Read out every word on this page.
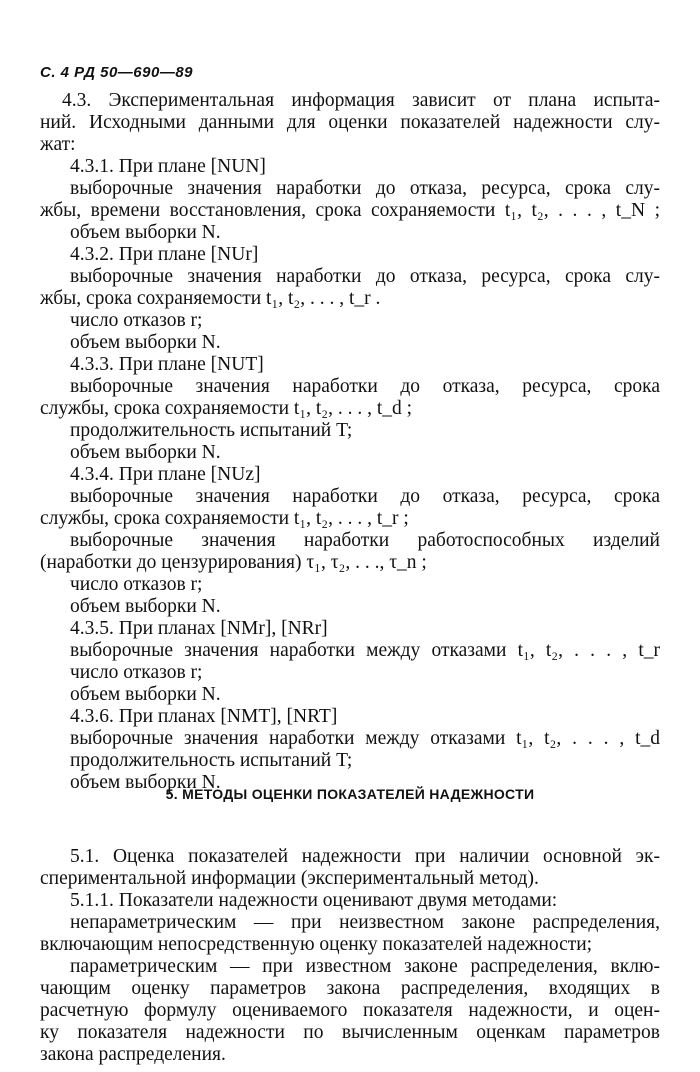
С. 4 РД 50—690—89
4.3. Экспериментальная информация зависит от плана испыта-
ний. Исходными данными для оценки показателей надежности слу-
жат:
4.3.1. При плане [NUN]
выборочные значения наработки до отказа, ресурса, срока слу-
жбы, времени восстановления, срока сохраняемости t₁, t₂, . . . , t_N ;
объем выборки N.
4.3.2. При плане [NUr]
выборочные значения наработки до отказа, ресурса, срока слу-
жбы, срока сохраняемости t₁, t₂, . . . , t_r .
число отказов r;
объем выборки N.
4.3.3. При плане [NUT]
выборочные значения наработки до отказа, ресурса, срока
службы, срока сохраняемости t₁, t₂, . . . , t_d ;
продолжительность испытаний T;
объем выборки N.
4.3.4. При плане [NUz]
выборочные значения наработки до отказа, ресурса, срока
службы, срока сохраняемости t₁, t₂, . . . , t_r ;
выборочные значения наработки работоспособных изделий
(наработки до цензурирования) τ₁, τ₂, . . ., τ_n ;
число отказов r;
объем выборки N.
4.3.5. При планах [NMr], [NRr]
выборочные значения наработки между отказами t₁, t₂, . . . , t_r
число отказов r;
объем выборки N.
4.3.6. При планах [NMT], [NRT]
выборочные значения наработки между отказами t₁, t₂, . . . , t_d
продолжительность испытаний T;
объем выборки N.
5.1. Оценка показателей надежности при наличии основной эк-
спериментальной информации (экспериментальный метод).
5.1.1. Показатели надежности оценивают двумя методами:
непараметрическим — при неизвестном законе распределения,
включающим непосредственную оценку показателей надежности;
параметрическим — при известном законе распределения, вклю-
чающим оценку параметров закона распределения, входящих в
расчетную формулу оцениваемого показателя надежности, и оцен-
ку показателя надежности по вычисленным оценкам параметров
закона распределения.
5. МЕТОДЫ ОЦЕНКИ ПОКАЗАТЕЛЕЙ НАДЕЖНОСТИ
